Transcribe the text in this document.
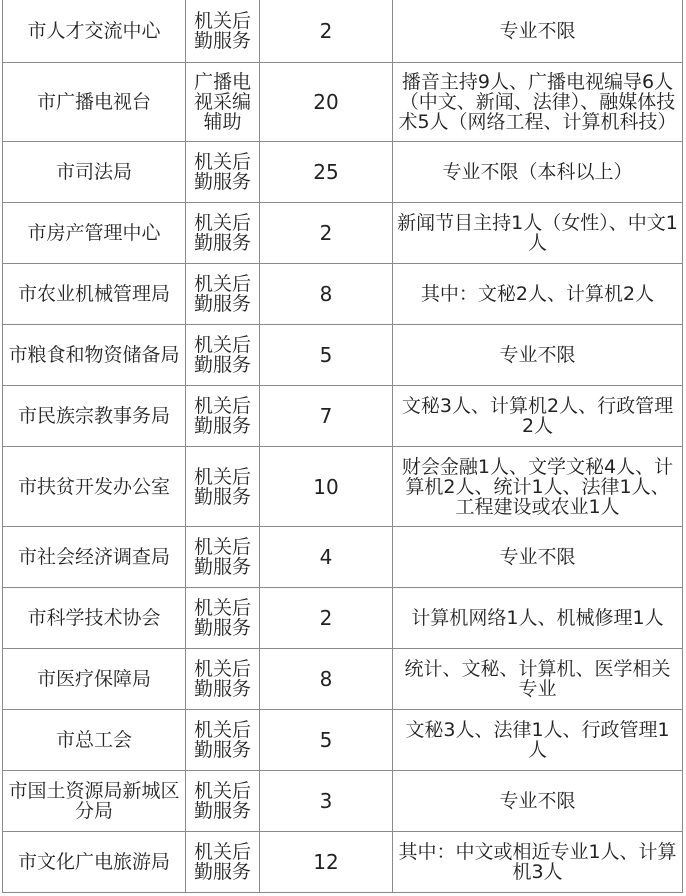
市人才交流中心	机关后勤服务	2	专业不限
市广播电视台	广播电视采编辅助	20	播音主持9人、广播电视编导6人（中文、新闻、法律）、融媒体技术5人（网络工程、计算机科技）
市司法局	机关后勤服务	25	专业不限（本科以上）
市房产管理中心	机关后勤服务	2	新闻节目主持1人（女性）、中文1人
市农业机械管理局	机关后勤服务	8	其中：文秘2人、计算机2人
市粮食和物资储备局	机关后勤服务	5	专业不限
市民族宗教事务局	机关后勤服务	7	文秘3人、计算机2人、行政管理2人
市扶贫开发办公室	机关后勤服务	10	财会金融1人、文学文秘4人、计算机2人、统计1人、法律1人、工程建设或农业1人
市社会经济调查局	机关后勤服务	4	专业不限
市科学技术协会	机关后勤服务	2	计算机网络1人、机械修理1人
市医疗保障局	机关后勤服务	8	统计、文秘、计算机、医学相关专业
市总工会	机关后勤服务	5	文秘3人、法律1人、行政管理1人
市国土资源局新城区分局	机关后勤服务	3	专业不限
市文化广电旅游局	机关后勤服务	12	其中：中文或相近专业1人、计算机3人
